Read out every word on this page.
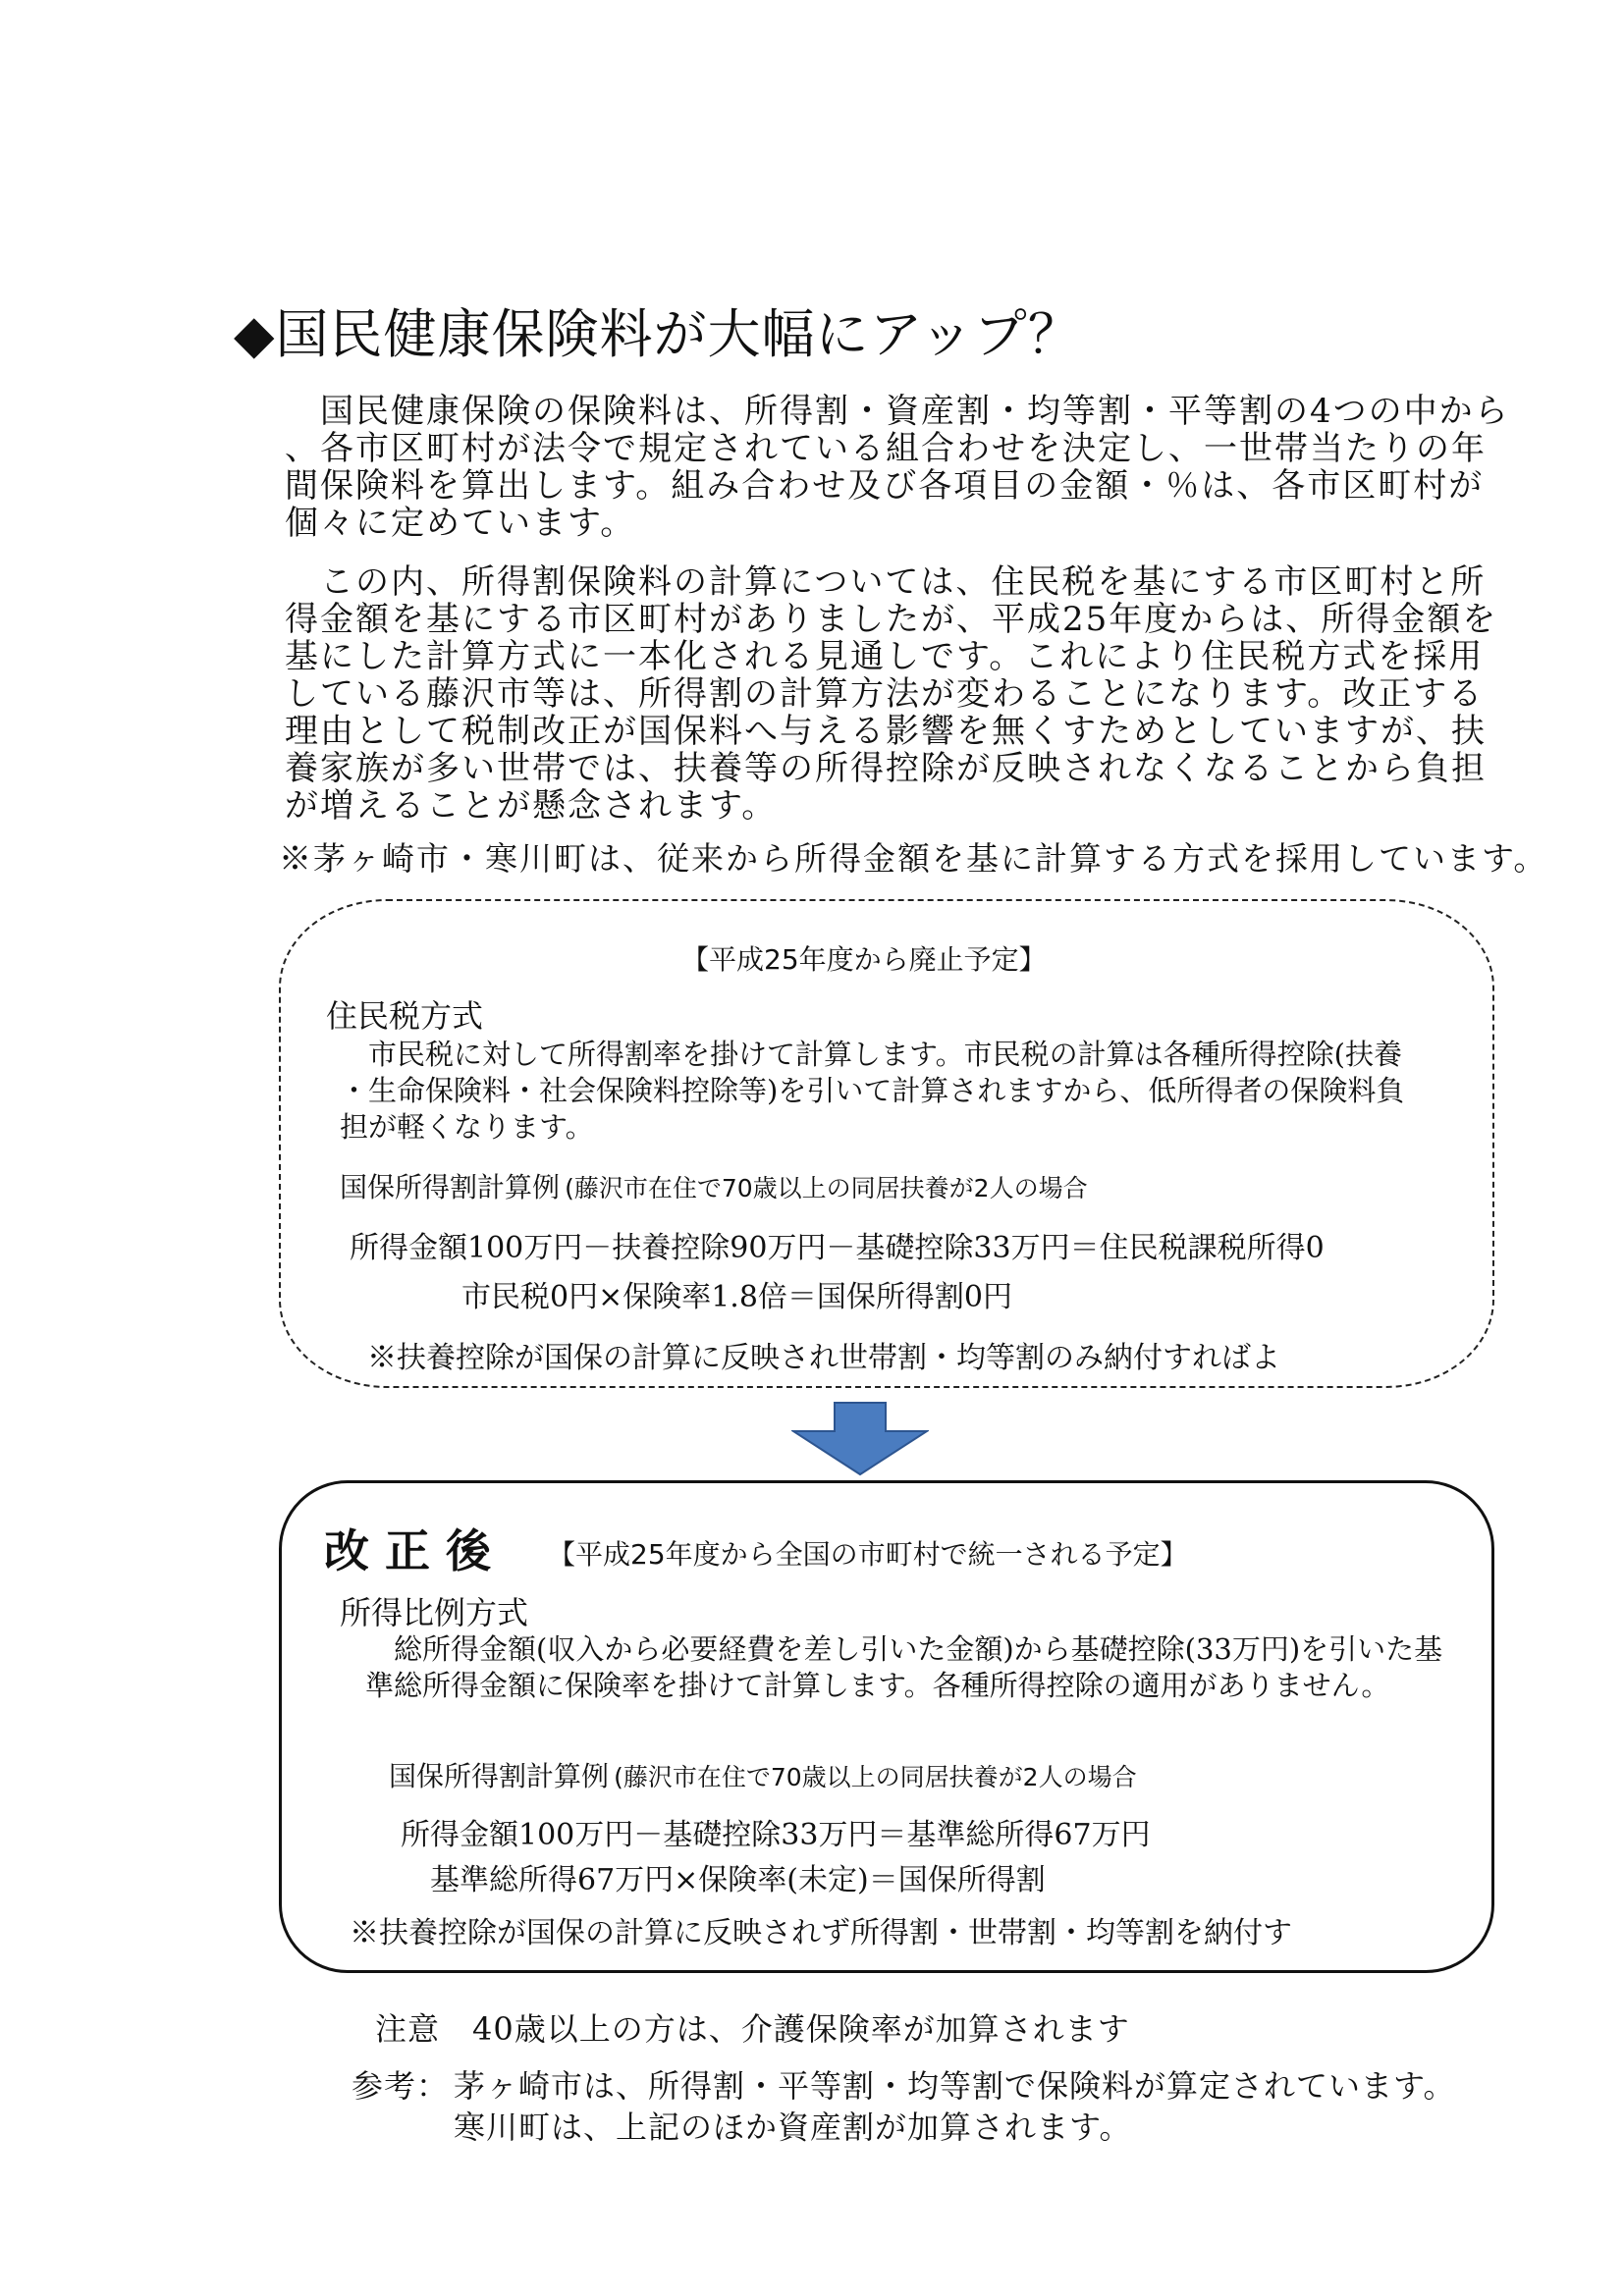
◆国民健康保険料が大幅にアップ？
　国民健康保険の保険料は、所得割・資産割・均等割・平等割の4つの中から
、各市区町村が法令で規定されている組合わせを決定し、一世帯当たりの年
間保険料を算出します。組み合わせ及び各項目の金額・％は、各市区町村が
個々に定めています。
　この内、所得割保険料の計算については、住民税を基にする市区町村と所
得金額を基にする市区町村がありましたが、平成25年度からは、所得金額を
基にした計算方式に一本化される見通しです。これにより住民税方式を採用
している藤沢市等は、所得割の計算方法が変わることになります。改正する
理由として税制改正が国保料へ与える影響を無くすためとしていますが、扶
養家族が多い世帯では、扶養等の所得控除が反映されなくなることから負担
が増えることが懸念されます。
※茅ヶ崎市・寒川町は、従来から所得金額を基に計算する方式を採用しています。
【平成25年度から廃止予定】
住民税方式
　市民税に対して所得割率を掛けて計算します。市民税の計算は各種所得控除(扶養
・生命保険料・社会保険料控除等)を引いて計算されますから、低所得者の保険料負
担が軽くなります。
国保所得割計算例 (藤沢市在住で70歳以上の同居扶養が2人の場合
所得金額100万円－扶養控除90万円－基礎控除33万円＝住民税課税所得0
市民税0円×保険率1.8倍＝国保所得割0円
※扶養控除が国保の計算に反映され世帯割・均等割のみ納付すればよ
改 正 後 【平成25年度から全国の市町村で統一される予定】
所得比例方式
　総所得金額(収入から必要経費を差し引いた金額)から基礎控除(33万円)を引いた基
準総所得金額に保険率を掛けて計算します。各種所得控除の適用がありません。
国保所得割計算例 (藤沢市在住で70歳以上の同居扶養が2人の場合
所得金額100万円－基礎控除33万円＝基準総所得67万円
基準総所得67万円×保険率(未定)＝国保所得割
※扶養控除が国保の計算に反映されず所得割・世帯割・均等割を納付す
注意　40歳以上の方は、介護保険率が加算されます
参考： 茅ヶ崎市は、所得割・平等割・均等割で保険料が算定されています。
寒川町は、上記のほか資産割が加算されます。
